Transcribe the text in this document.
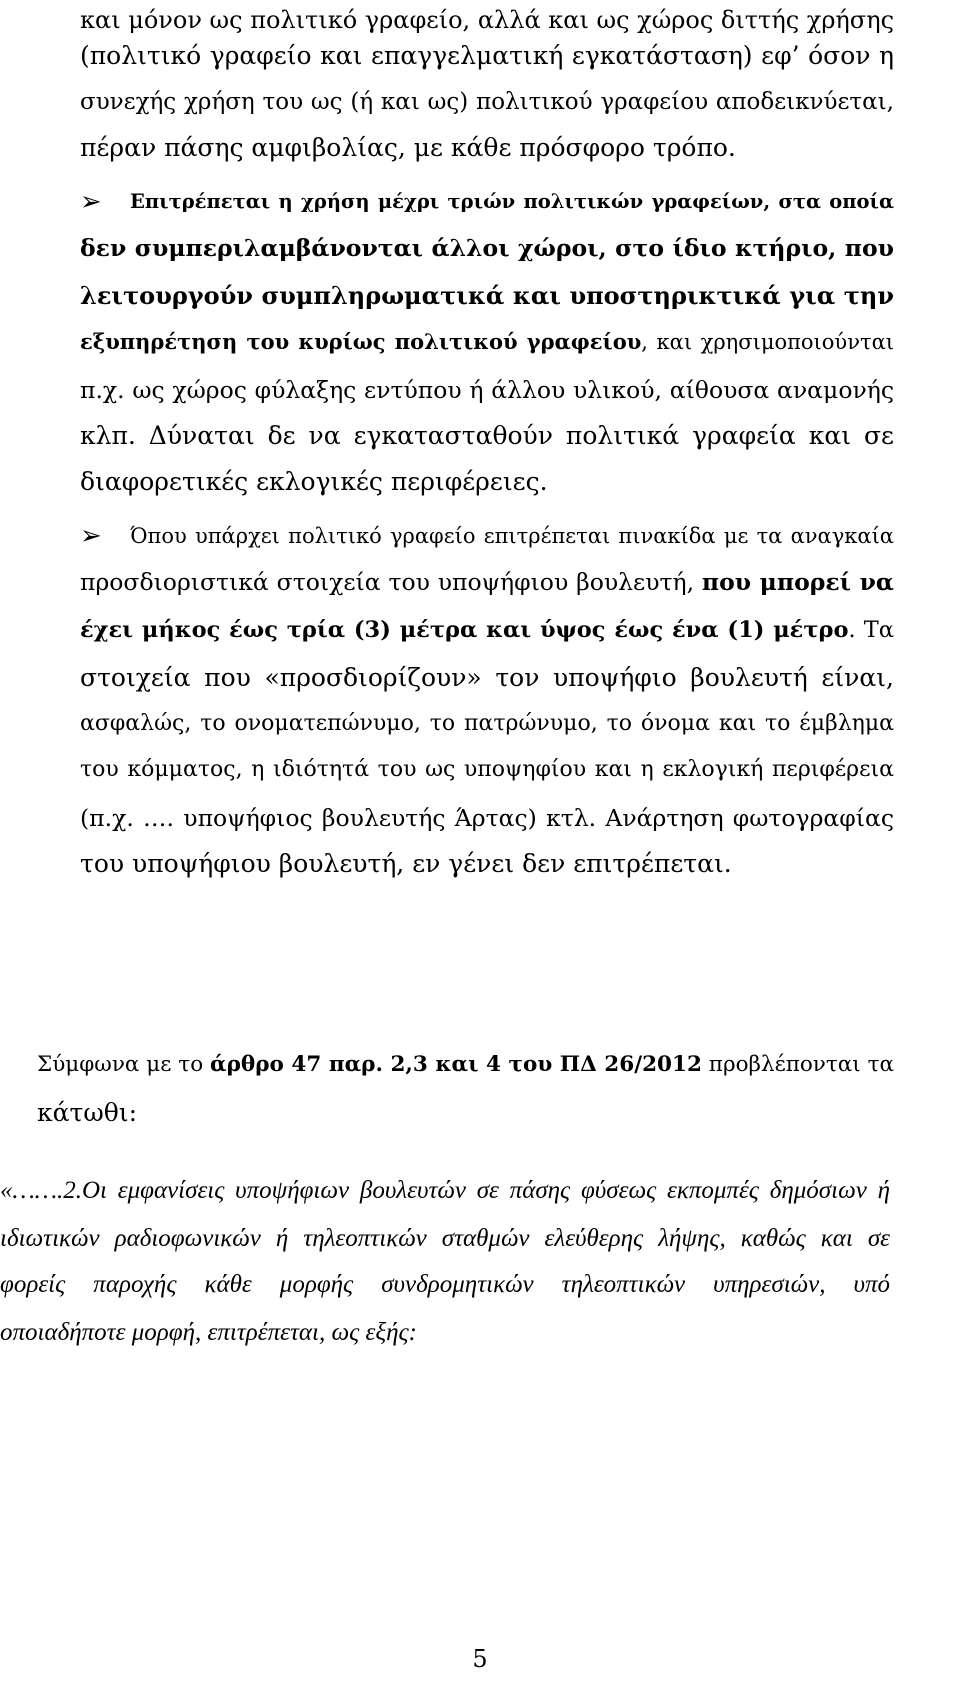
και μόνον ως πολιτικό γραφείο, αλλά και ως χώρος διττής χρήσης
(πολιτικό γραφείο και επαγγελματική εγκατάσταση) εφ’ όσον η
συνεχής χρήση του ως (ή και ως) πολιτικού γραφείου αποδεικνύεται,
πέραν πάσης αμφιβολίας, με κάθε πρόσφορο τρόπο.
➢ Επιτρέπεται η χρήση μέχρι τριών πολιτικών γραφείων, στα οποία
δεν συμπεριλαμβάνονται άλλοι χώροι, στο ίδιο κτήριο, που
λειτουργούν συμπληρωματικά και υποστηρικτικά για την
εξυπηρέτηση του κυρίως πολιτικού γραφείου, και χρησιμοποιούνται
π.χ. ως χώρος φύλαξης εντύπου ή άλλου υλικού, αίθουσα αναμονής
κλπ. Δύναται δε να εγκατασταθούν πολιτικά γραφεία και σε
διαφορετικές εκλογικές περιφέρειες.
➢ Όπου υπάρχει πολιτικό γραφείο επιτρέπεται πινακίδα με τα αναγκαία
προσδιοριστικά στοιχεία του υποψήφιου βουλευτή, που μπορεί να
έχει μήκος έως τρία (3) μέτρα και ύψος έως ένα (1) μέτρο. Τα
στοιχεία που «προσδιορίζουν» τον υποψήφιο βουλευτή είναι,
ασφαλώς, το ονοματεπώνυμο, το πατρώνυμο, το όνομα και το έμβλημα
του κόμματος, η ιδιότητά του ως υποψηφίου και η εκλογική περιφέρεια
(π.χ. …. υποψήφιος βουλευτής Άρτας) κτλ. Ανάρτηση φωτογραφίας
του υποψήφιου βουλευτή, εν γένει δεν επιτρέπεται.
Σύμφωνα με το άρθρο 47 παρ. 2,3 και 4 του ΠΔ 26/2012 προβλέπονται τα
κάτωθι:
«…….2.Οι εμφανίσεις υποψήφιων βουλευτών σε πάσης φύσεως εκπομπές δημόσιων ή
ιδιωτικών ραδιοφωνικών ή τηλεοπτικών σταθμών ελεύθερης λήψης, καθώς και σε
φορείς παροχής κάθε μορφής συνδρομητικών τηλεοπτικών υπηρεσιών, υπό
οποιαδήποτε μορφή, επιτρέπεται, ως εξής:
5
